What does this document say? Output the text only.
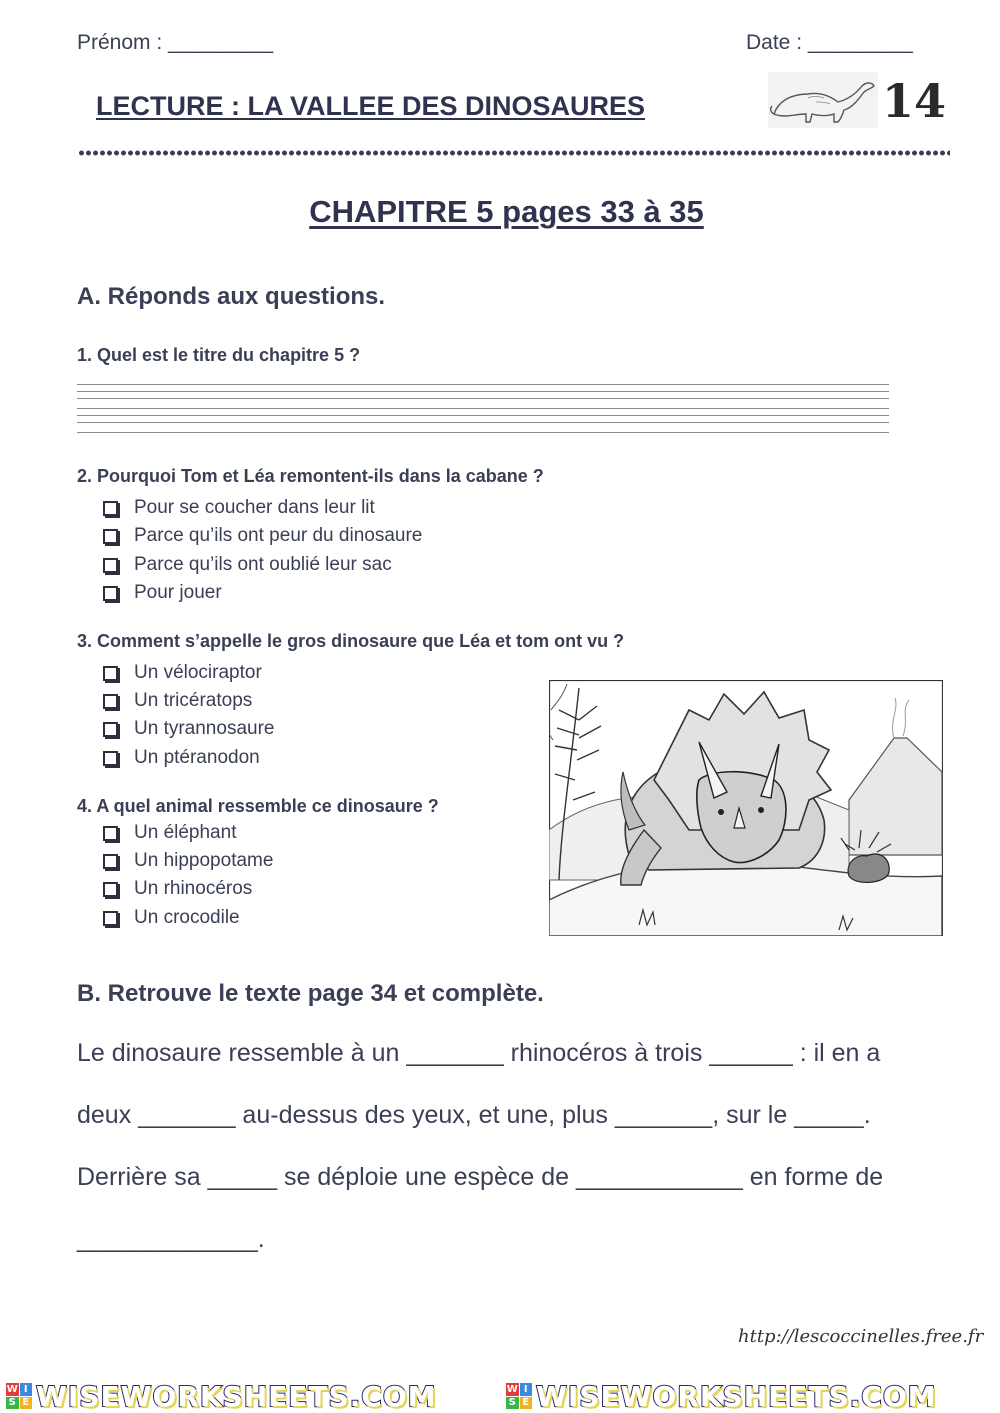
Prénom : _________	Date : _________
LECTURE : LA VALLEE DES DINOSAURES	14
CHAPITRE 5 pages 33 à 35
A. Réponds aux questions.
1. Quel est le titre du chapitre 5 ?
2. Pourquoi Tom et Léa remontent-ils dans la cabane ?
Pour se coucher dans leur lit
Parce qu’ils ont peur du dinosaure
Parce qu’ils ont oublié leur sac
Pour jouer
3. Comment s’appelle le gros dinosaure que Léa et tom ont vu ?
Un vélociraptor
Un tricératops
Un tyrannosaure
Un ptéranodon
4. A quel animal ressemble ce dinosaure ?
Un éléphant
Un hippopotame
Un rhinocéros
Un crocodile
B. Retrouve le texte page 34 et complète.
Le dinosaure ressemble à un _______ rhinocéros à trois ______ : il en a
deux _______ au-dessus des yeux, et une, plus _______, sur le _____.
Derrière sa _____ se déploie une espèce de ____________ en forme de
_____________.
http://lescoccinelles.free.fr
W I
S E WISEWORKSHEETS.COM	W I
S E WISEWORKSHEETS.COM
